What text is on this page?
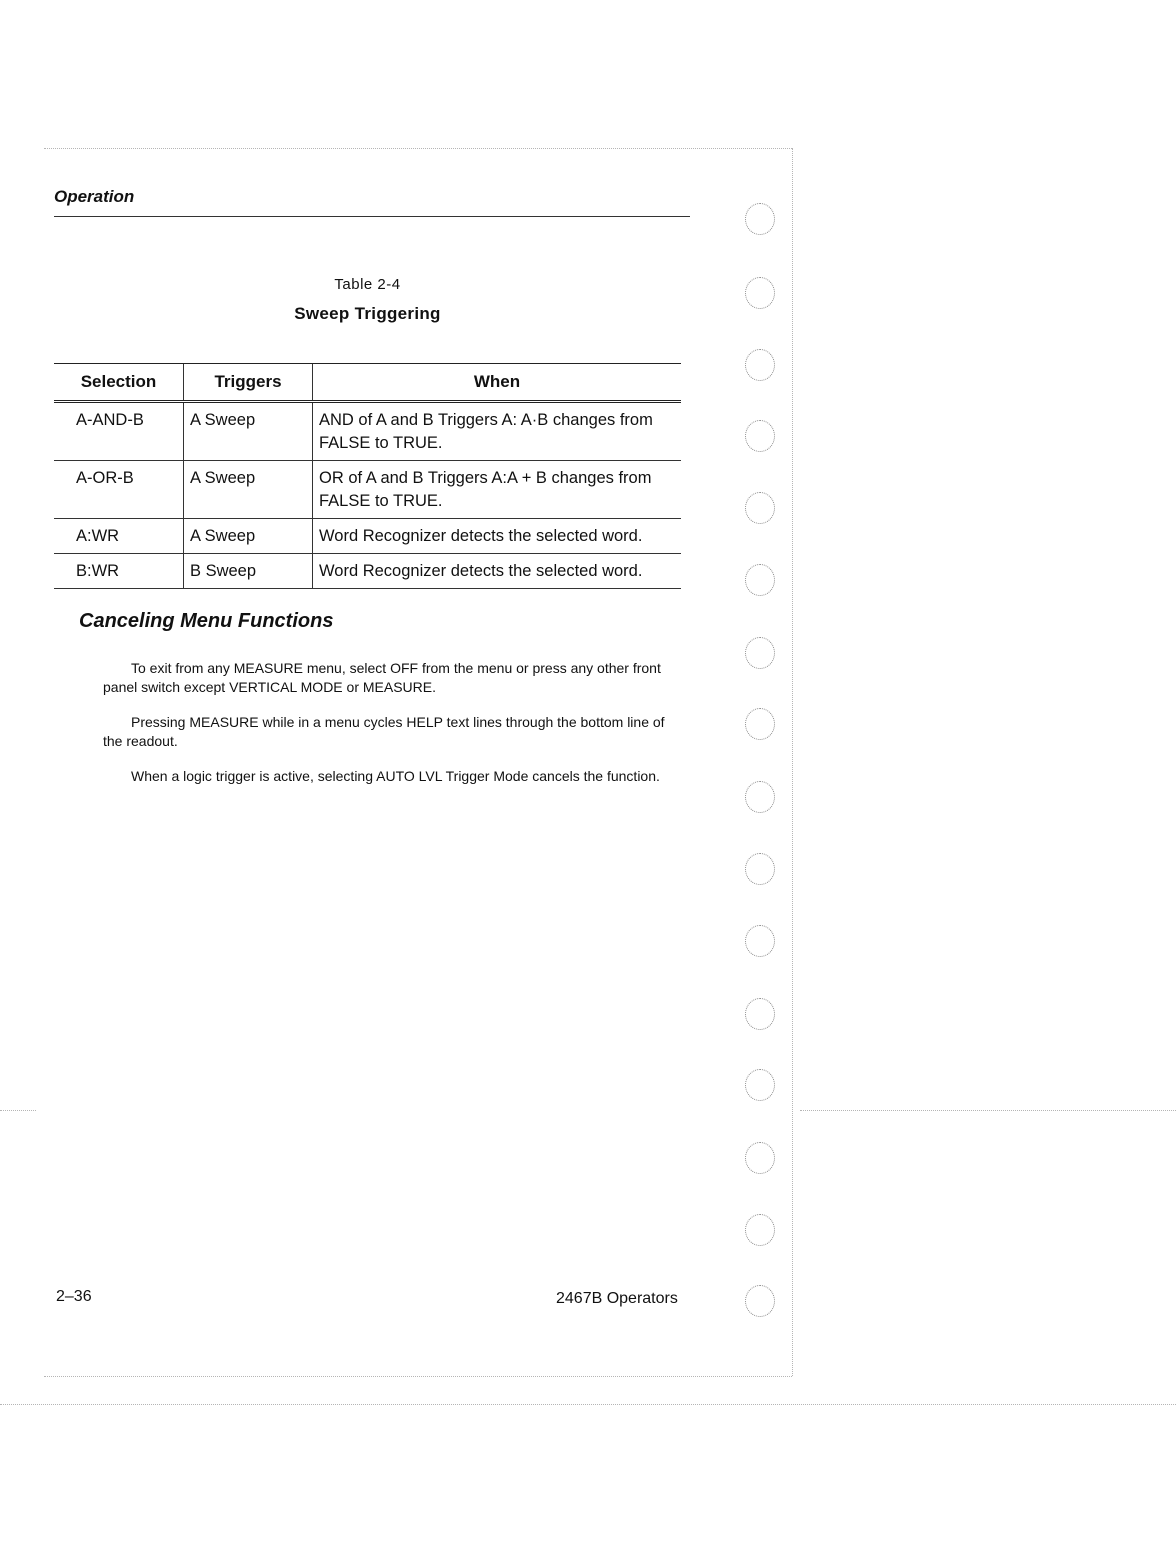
Operation
Table 2-4
Sweep Triggering
Selection	Triggers	When
A-AND-B	A Sweep	AND of A and B Triggers A: A·B changes from FALSE to TRUE.
A-OR-B	A Sweep	OR of A and B Triggers A:A + B changes from FALSE to TRUE.
A:WR	A Sweep	Word Recognizer detects the selected word.
B:WR	B Sweep	Word Recognizer detects the selected word.
Canceling Menu Functions

To exit from any MEASURE menu, select OFF from the menu or press any other front panel switch except VERTICAL MODE or MEASURE.

Pressing MEASURE while in a menu cycles HELP text lines through the bottom line of the readout.

When a logic trigger is active, selecting AUTO LVL Trigger Mode cancels the function.

2–36	2467B Operators
